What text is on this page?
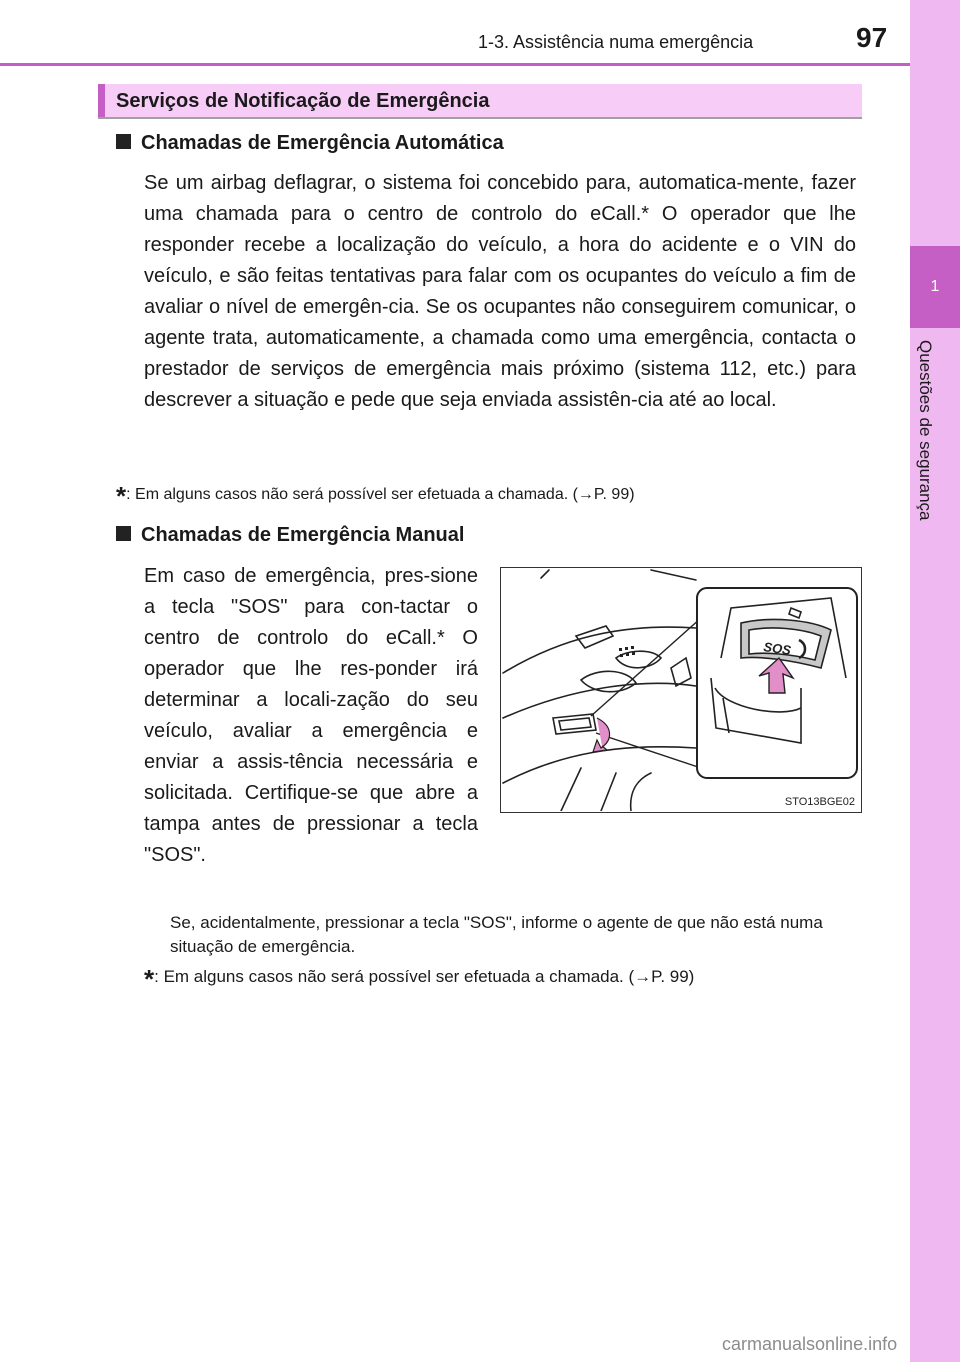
1
Questões de segurança
1-3. Assistência numa emergência	97
Serviços de Notificação de Emergência
Chamadas de Emergência Automática
Se um airbag deflagrar, o sistema foi concebido para, automatica-mente, fazer uma chamada para o centro de controlo do eCall.* O operador que lhe responder recebe a localização do veículo, a hora do acidente e o VIN do veículo, e são feitas tentativas para falar com os ocupantes do veículo a fim de avaliar o nível de emergên-cia. Se os ocupantes não conseguirem comunicar, o agente trata, automaticamente, a chamada como uma emergência, contacta o prestador de serviços de emergência mais próximo (sistema 112, etc.) para descrever a situação e pede que seja enviada assistên-cia até ao local.
*: Em alguns casos não será possível ser efetuada a chamada. (→P. 99)
Chamadas de Emergência Manual
Em caso de emergência, pres-sione a tecla "SOS" para con-tactar o centro de controlo do eCall.* O operador que lhe res-ponder irá determinar a locali-zação do seu veículo, avaliar a emergência e enviar a assis-tência necessária e solicitada. Certifique-se que abre a tampa antes de pressionar a tecla "SOS".
SOS
STO13BGE02
Se, acidentalmente, pressionar a tecla "SOS", informe o agente de que não está numa situação de emergência.
*: Em alguns casos não será possível ser efetuada a chamada. (→P. 99)
carmanualsonline.info
